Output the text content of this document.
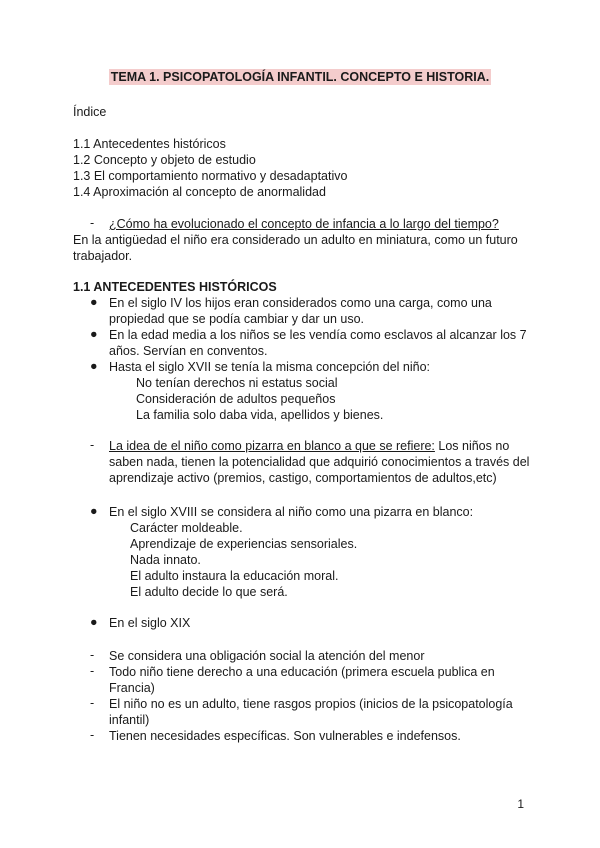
TEMA 1. PSICOPATOLOGÍA INFANTIL. CONCEPTO E HISTORIA.
Índice
1.1 Antecedentes históricos
1.2 Concepto y objeto de estudio
1.3 El comportamiento normativo y desadaptativo
1.4 Aproximación al concepto de anormalidad
- ¿Cómo ha evolucionado el concepto de infancia a lo largo del tiempo?
En la antigüedad el niño era considerado un adulto en miniatura, como un futuro
trabajador.
1.1 ANTECEDENTES HISTÓRICOS
● En el siglo IV los hijos eran considerados como una carga, como una
propiedad que se podía cambiar y dar un uso.
● En la edad media a los niños se les vendía como esclavos al alcanzar los 7
años. Servían en conventos.
● Hasta el siglo XVII se tenía la misma concepción del niño:
No tenían derechos ni estatus social
Consideración de adultos pequeños
La familia solo daba vida, apellidos y bienes.
- La idea de el niño como pizarra en blanco a que se refiere: Los niños no
saben nada, tienen la potencialidad que adquirió conocimientos a través del
aprendizaje activo (premios, castigo, comportamientos de adultos,etc)
● En el siglo XVIII se considera al niño como una pizarra en blanco:
Carácter moldeable.
Aprendizaje de experiencias sensoriales.
Nada innato.
El adulto instaura la educación moral.
El adulto decide lo que será.
● En el siglo XIX
- Se considera una obligación social la atención del menor
- Todo niño tiene derecho a una educación (primera escuela publica en
Francia)
- El niño no es un adulto, tiene rasgos propios (inicios de la psicopatología
infantil)
- Tienen necesidades específicas. Son vulnerables e indefensos.
1
